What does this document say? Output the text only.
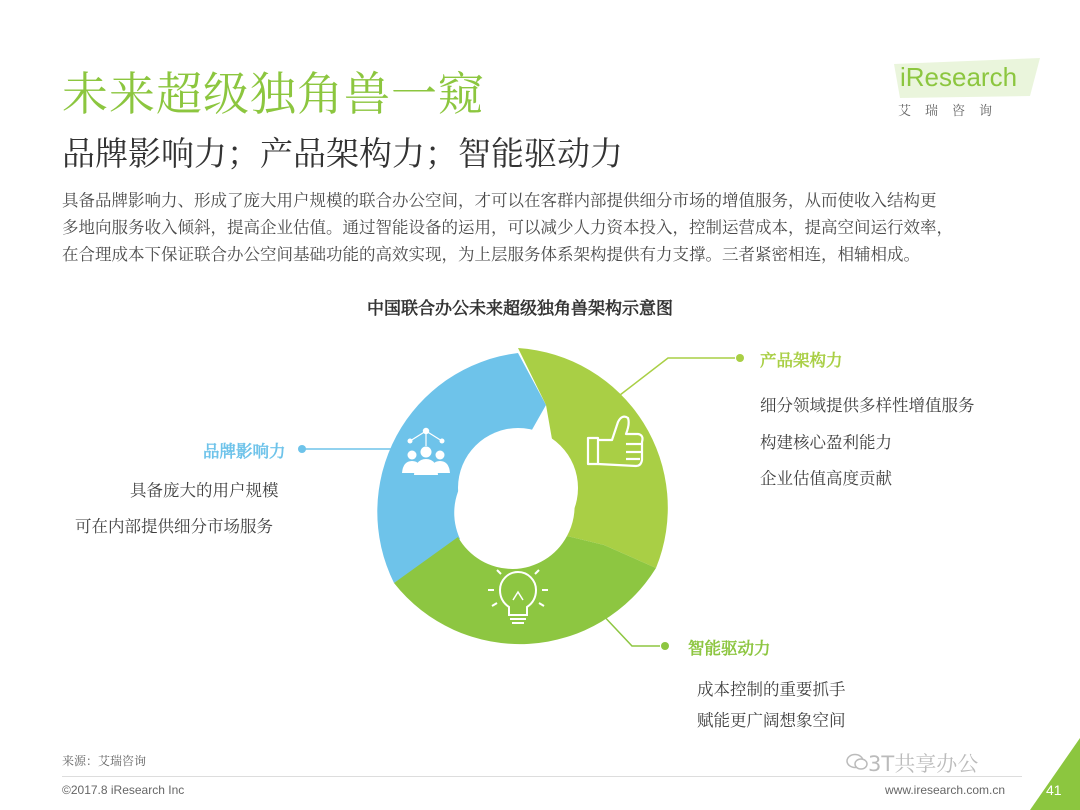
未来超级独角兽一窥
品牌影响力；产品架构力；智能驱动力
iResearch
艾瑞咨询
具备品牌影响力、形成了庞大用户规模的联合办公空间，才可以在客群内部提供细分市场的增值服务，从而使收入结构更
多地向服务收入倾斜，提高企业估值。通过智能设备的运用，可以减少人力资本投入，控制运营成本，提高空间运行效率，
在合理成本下保证联合办公空间基础功能的高效实现，为上层服务体系架构提供有力支撑。三者紧密相连，相辅相成。
中国联合办公未来超级独角兽架构示意图
产品架构力
细分领域提供多样性增值服务
构建核心盈利能力
企业估值高度贡献
品牌影响力
具备庞大的用户规模
可在内部提供细分市场服务
智能驱动力
成本控制的重要抓手
赋能更广阔想象空间
来源：艾瑞咨询
©2017.8 iResearch Inc	www.iresearch.com.cn
3T共享办公
41
